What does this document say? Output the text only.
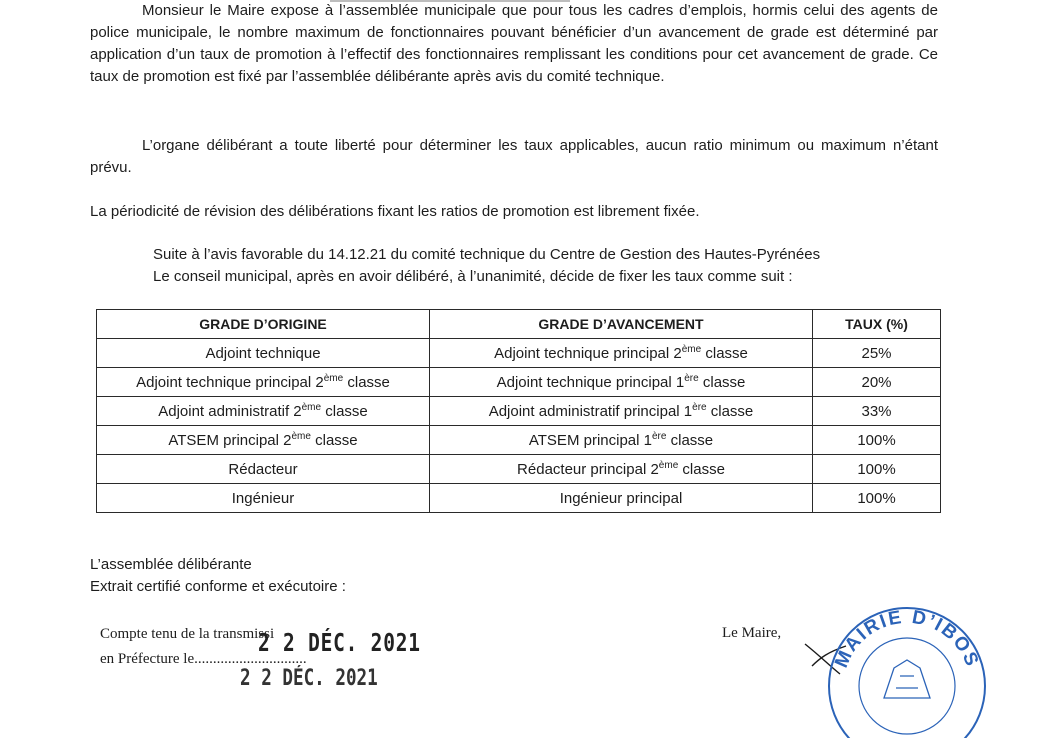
Monsieur le Maire expose à l’assemblée municipale que pour tous les cadres d’emplois, hormis celui des agents de police municipale, le nombre maximum de fonctionnaires pouvant bénéficier d’un avancement de grade est déterminé par application d’un taux de promotion à l’effectif des fonctionnaires remplissant les conditions pour cet avancement de grade. Ce taux de promotion est fixé par l’assemblée délibérante après avis du comité technique.

L’organe délibérant a toute liberté pour déterminer les taux applicables, aucun ratio minimum ou maximum n’étant prévu.

La périodicité de révision des délibérations fixant les ratios de promotion est librement fixée.

Suite à l’avis favorable du 14.12.21 du comité technique du Centre de Gestion des Hautes-Pyrénées

Le conseil municipal, après en avoir délibéré, à l’unanimité, décide de fixer les taux comme suit :

GRADE D’ORIGINE	GRADE D’AVANCEMENT	TAUX (%)
Adjoint technique	Adjoint technique principal 2ème classe	25%
Adjoint technique principal 2ème classe	Adjoint technique principal 1ère classe	20%
Adjoint administratif 2ème classe	Adjoint administratif principal 1ère classe	33%
ATSEM principal 2ème classe	ATSEM principal 1ère classe	100%
Rédacteur	Rédacteur principal 2ème classe	100%
Ingénieur	Ingénieur principal	100%

L’assemblée délibérante

Extrait certifié conforme et exécutoire :

Compte tenu de la transmissi

en Préfecture le..............................

2 2 DÉC. 2021
2 2 DÉC. 2021

Le Maire,

MAIRIE D’IBOS
